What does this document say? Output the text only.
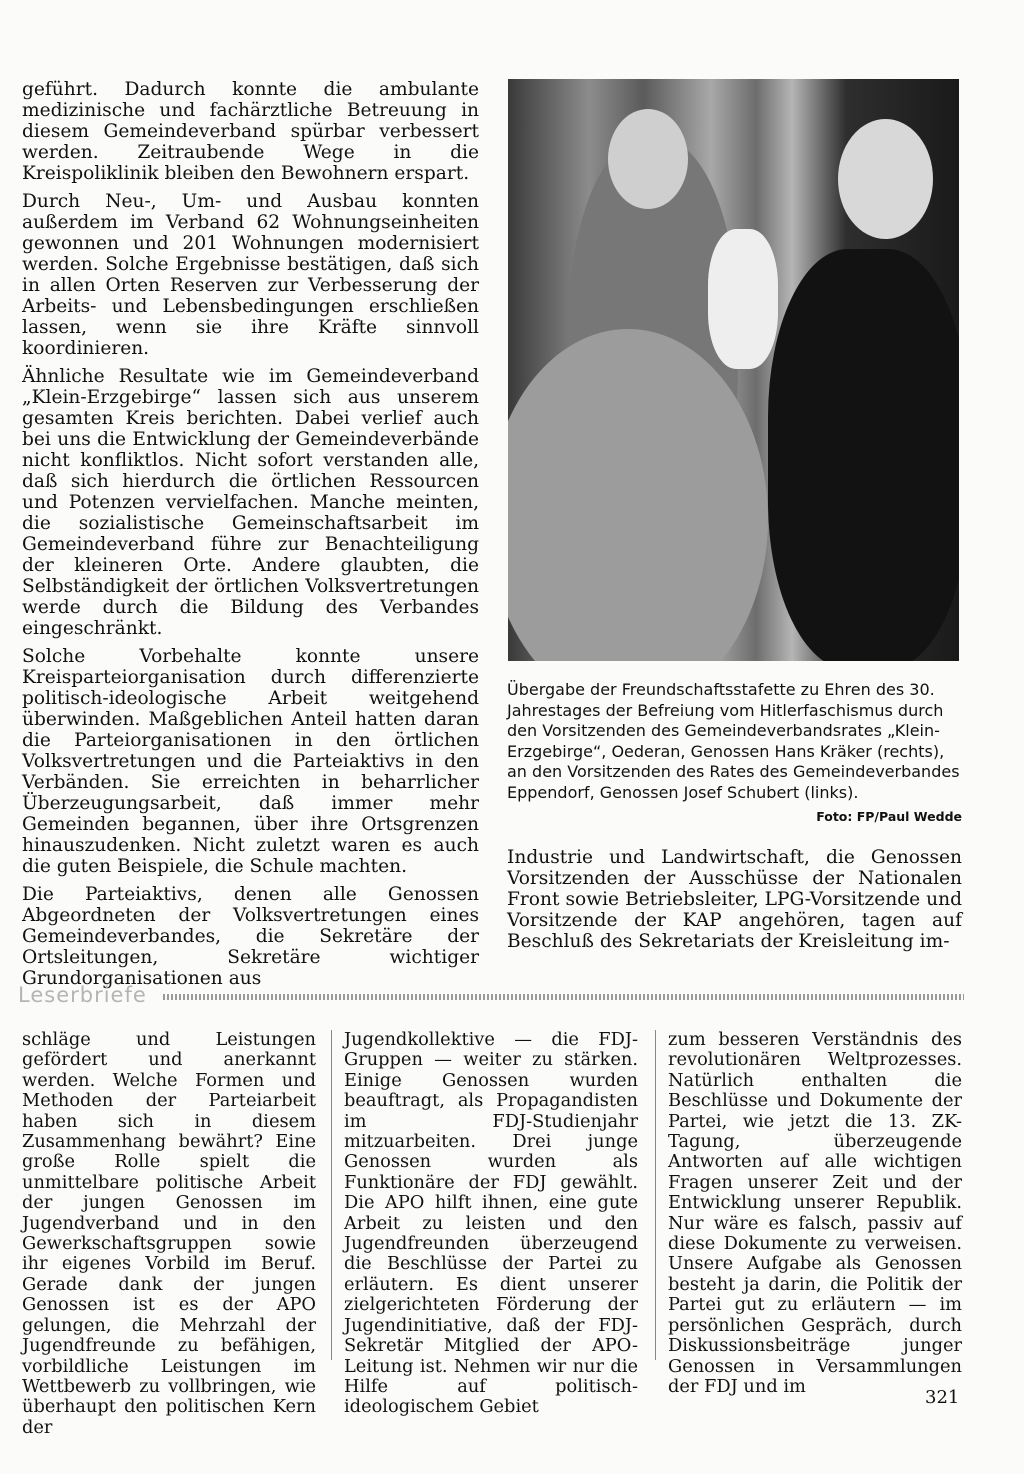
geführt. Dadurch konnte die ambulante medizinische und fachärztliche Betreuung in diesem Gemeindeverband spürbar verbessert werden. Zeitraubende Wege in die Kreispoliklinik bleiben den Bewohnern erspart.

Durch Neu-, Um- und Ausbau konnten außerdem im Verband 62 Wohnungseinheiten gewonnen und 201 Wohnungen modernisiert werden. Solche Ergebnisse bestätigen, daß sich in allen Orten Reserven zur Verbesserung der Arbeits- und Lebensbedingungen erschließen lassen, wenn sie ihre Kräfte sinnvoll koordinieren.

Ähnliche Resultate wie im Gemeindeverband „Klein-Erzgebirge“ lassen sich aus unserem gesamten Kreis berichten. Dabei verlief auch bei uns die Entwicklung der Gemeindeverbände nicht konfliktlos. Nicht sofort verstanden alle, daß sich hierdurch die örtlichen Ressourcen und Potenzen vervielfachen. Manche meinten, die sozialistische Gemeinschaftsarbeit im Gemeindeverband führe zur Benachteiligung der kleineren Orte. Andere glaubten, die Selbständigkeit der örtlichen Volksvertretungen werde durch die Bildung des Verbandes eingeschränkt.

Solche Vorbehalte konnte unsere Kreisparteiorganisation durch differenzierte politisch-ideologische Arbeit weitgehend überwinden. Maßgeblichen Anteil hatten daran die Parteiorganisationen in den örtlichen Volksvertretungen und die Parteiaktivs in den Verbänden. Sie erreichten in beharrlicher Überzeugungsarbeit, daß immer mehr Gemeinden begannen, über ihre Ortsgrenzen hinauszudenken. Nicht zuletzt waren es auch die guten Beispiele, die Schule machten.

Die Parteiaktivs, denen alle Genossen Abgeordneten der Volksvertretungen eines Gemeindeverbandes, die Sekretäre der Ortsleitungen, Sekretäre wichtiger Grundorganisationen aus

Übergabe der Freundschaftsstafette zu Ehren des 30. Jahrestages der Befreiung vom Hitlerfaschismus durch den Vorsitzenden des Gemeindeverbandsrates „Klein-Erzgebirge“, Oederan, Genossen Hans Kräker (rechts), an den Vorsitzenden des Rates des Gemeindeverbandes Eppendorf, Genossen Josef Schubert (links).
Foto: FP/Paul Wedde

Industrie und Landwirtschaft, die Genossen Vorsitzenden der Ausschüsse der Nationalen Front sowie Betriebsleiter, LPG-Vorsitzende und Vorsitzende der KAP angehören, tagen auf Beschluß des Sekretariats der Kreisleitung im-

Leserbriefe

schläge und Leistungen gefördert und anerkannt werden. Welche Formen und Methoden der Parteiarbeit haben sich in diesem Zusammenhang bewährt? Eine große Rolle spielt die unmittelbare politische Arbeit der jungen Genossen im Jugendverband und in den Gewerkschaftsgruppen sowie ihr eigenes Vorbild im Beruf. Gerade dank der jungen Genossen ist es der APO gelungen, die Mehrzahl der Jugendfreunde zu befähigen, vorbildliche Leistungen im Wettbewerb zu vollbringen, wie überhaupt den politischen Kern der

Jugendkollektive — die FDJ-Gruppen — weiter zu stärken. Einige Genossen wurden beauftragt, als Propagandisten im FDJ-Studienjahr mitzuarbeiten. Drei junge Genossen wurden als Funktionäre der FDJ gewählt. Die APO hilft ihnen, eine gute Arbeit zu leisten und den Jugendfreunden überzeugend die Beschlüsse der Partei zu erläutern. Es dient unserer zielgerichteten Förderung der Jugendinitiative, daß der FDJ-Sekretär Mitglied der APO-Leitung ist. Nehmen wir nur die Hilfe auf politisch-ideologischem Gebiet

zum besseren Verständnis des revolutionären Weltprozesses. Natürlich enthalten die Beschlüsse und Dokumente der Partei, wie jetzt die 13. ZK-Tagung, überzeugende Antworten auf alle wichtigen Fragen unserer Zeit und der Entwicklung unserer Republik. Nur wäre es falsch, passiv auf diese Dokumente zu verweisen. Unsere Aufgabe als Genossen besteht ja darin, die Politik der Partei gut zu erläutern — im persönlichen Gespräch, durch Diskussionsbeiträge junger Genossen in Versammlungen der FDJ und im

321
